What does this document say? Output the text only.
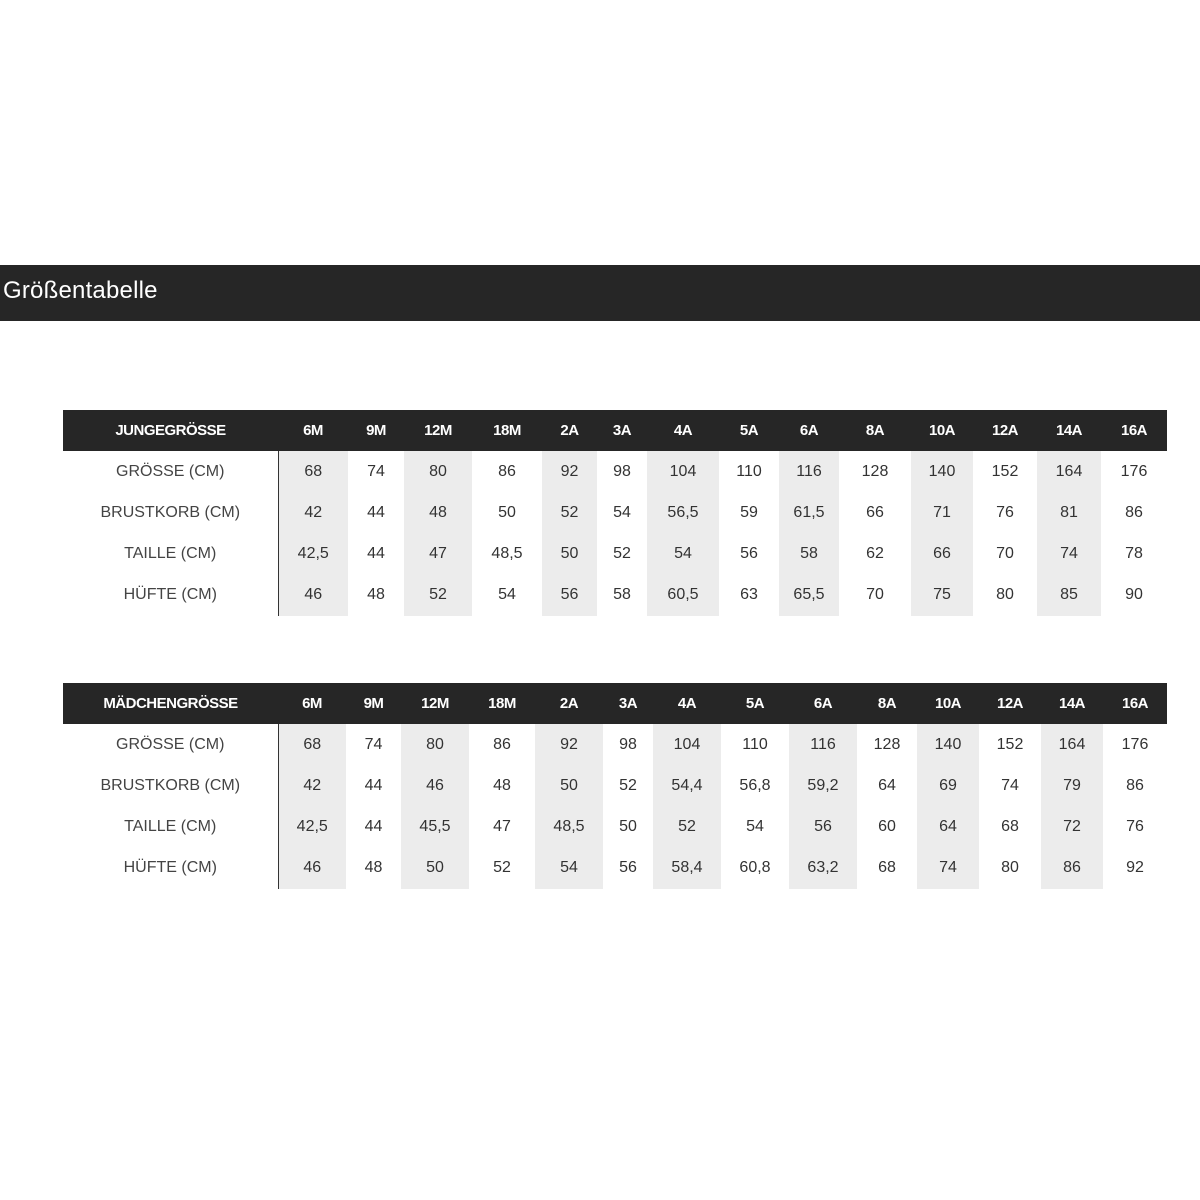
Größentabelle
JUNGEGRÖSSE	6M	9M	12M	18M	2A	3A	4A	5A	6A	8A	10A	12A	14A	16A
GRÖSSE (CM)	68	74	80	86	92	98	104	110	116	128	140	152	164	176
BRUSTKORB (CM)	42	44	48	50	52	54	56,5	59	61,5	66	71	76	81	86
TAILLE (CM)	42,5	44	47	48,5	50	52	54	56	58	62	66	70	74	78
HÜFTE (CM)	46	48	52	54	56	58	60,5	63	65,5	70	75	80	85	90
MÄDCHENGRÖSSE	6M	9M	12M	18M	2A	3A	4A	5A	6A	8A	10A	12A	14A	16A
GRÖSSE (CM)	68	74	80	86	92	98	104	110	116	128	140	152	164	176
BRUSTKORB (CM)	42	44	46	48	50	52	54,4	56,8	59,2	64	69	74	79	86
TAILLE (CM)	42,5	44	45,5	47	48,5	50	52	54	56	60	64	68	72	76
HÜFTE (CM)	46	48	50	52	54	56	58,4	60,8	63,2	68	74	80	86	92
